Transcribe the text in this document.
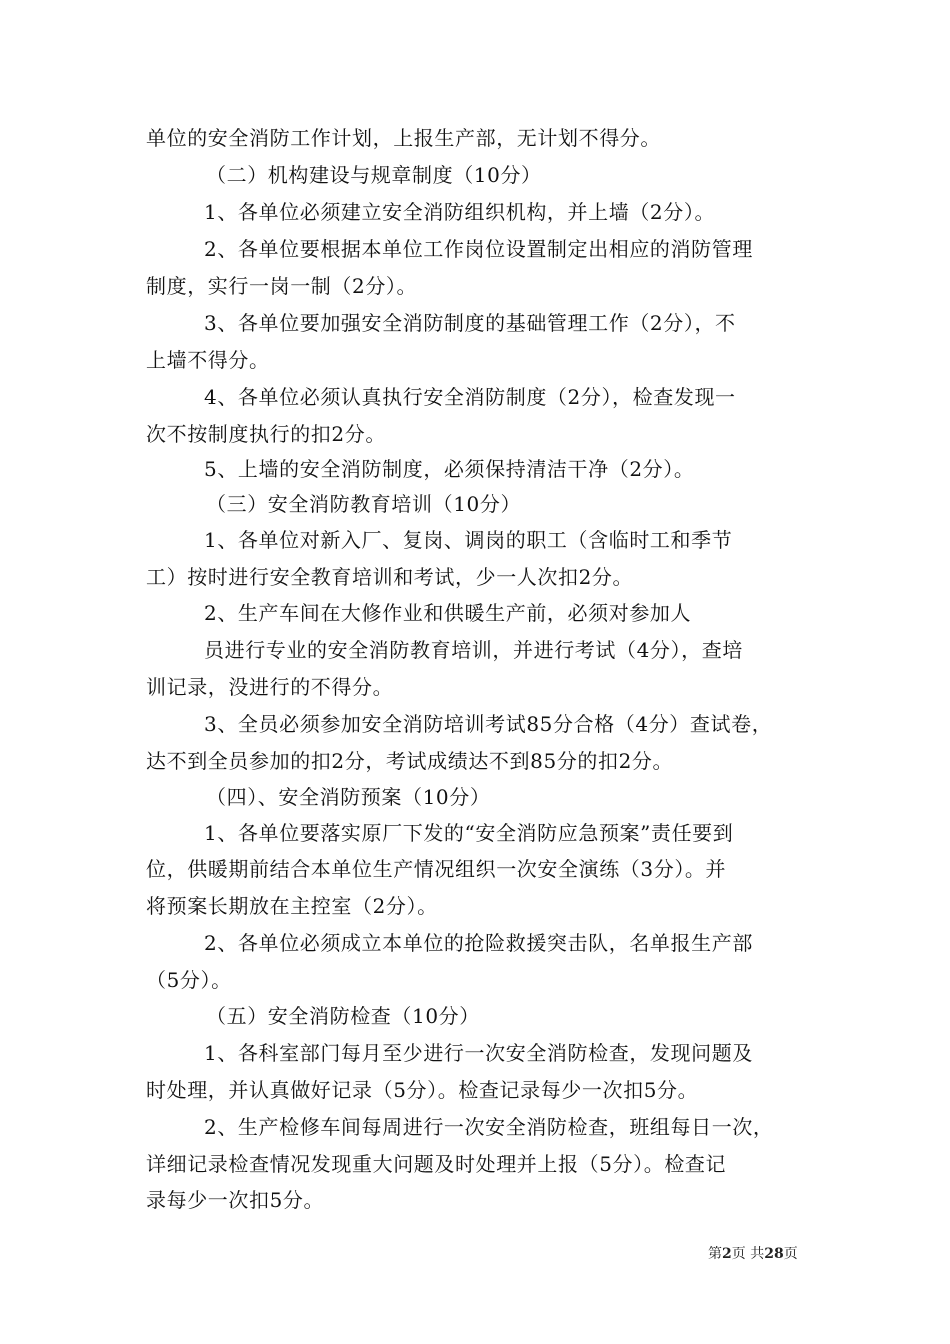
单位的安全消防工作计划，上报生产部，无计划不得分。
（二）机构建设与规章制度（10分）
1、各单位必须建立安全消防组织机构，并上墙（2分）。
2、各单位要根据本单位工作岗位设置制定出相应的消防管理
制度，实行一岗一制（2分）。
3、各单位要加强安全消防制度的基础管理工作（2分），不
上墙不得分。
4、各单位必须认真执行安全消防制度（2分），检查发现一
次不按制度执行的扣2分。
5、上墙的安全消防制度，必须保持清洁干净（2分）。
（三）安全消防教育培训（10分）
1、各单位对新入厂、复岗、调岗的职工（含临时工和季节
工）按时进行安全教育培训和考试，少一人次扣2分。
2、生产车间在大修作业和供暖生产前，必须对参加人
员进行专业的安全消防教育培训，并进行考试（4分），查培
训记录，没进行的不得分。
3、全员必须参加安全消防培训考试85分合格（4分）查试卷，
达不到全员参加的扣2分，考试成绩达不到85分的扣2分。
（四）、安全消防预案（10分）
1、各单位要落实原厂下发的“安全消防应急预案”责任要到
位，供暖期前结合本单位生产情况组织一次安全演练（3分）。并
将预案长期放在主控室（2分）。
2、各单位必须成立本单位的抢险救援突击队，名单报生产部
（5分）。
（五）安全消防检查（10分）
1、各科室部门每月至少进行一次安全消防检查，发现问题及
时处理，并认真做好记录（5分）。检查记录每少一次扣5分。
2、生产检修车间每周进行一次安全消防检查，班组每日一次，
详细记录检查情况发现重大问题及时处理并上报（5分）。检查记
录每少一次扣5分。
第2页 共28页
